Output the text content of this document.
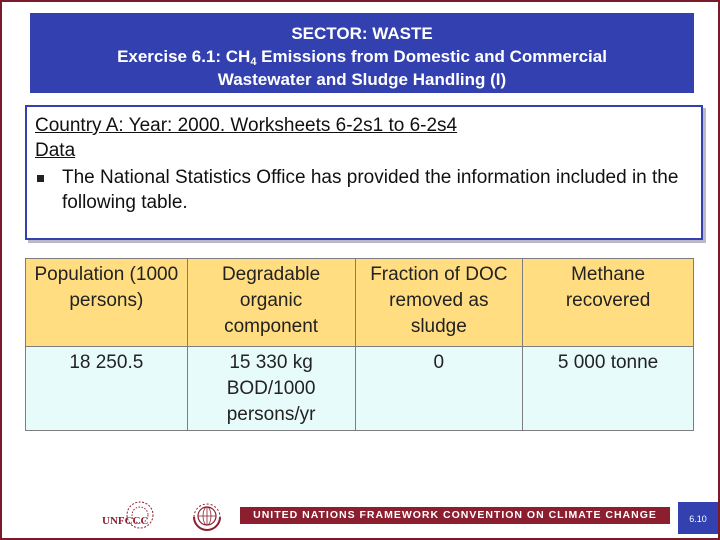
SECTOR: WASTE
Exercise 6.1: $CH_4$ Emissions from Domestic and Commercial
Wastewater and Sludge Handling (I)
Country A: Year: 2000. Worksheets 6-2s1 to 6-2s4
Data
The National Statistics Office has provided the information included in the following table.
Population (1000 persons)	Degradable organic component	Fraction of DOC removed as sludge	Methane recovered
18 250.5	15 330 kg BOD/1000 persons/yr	0	5 000 tonne
UNFCCC	UNITED NATIONS FRAMEWORK CONVENTION ON CLIMATE CHANGE	6.10
